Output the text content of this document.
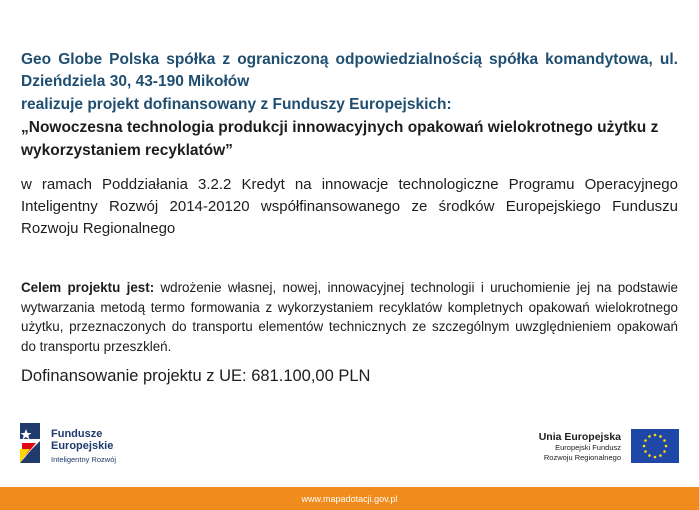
Geo Globe Polska spółka z ograniczoną odpowiedzialnością spółka komandytowa, ul. Dzieńdziela 30, 43-190 Mikołów

realizuje projekt dofinansowany z Funduszy Europejskich:

„Nowoczesna technologia produkcji innowacyjnych opakowań wielokrotnego użytku z wykorzystaniem recyklatów”

w ramach Poddziałania 3.2.2 Kredyt na innowacje technologiczne Programu Operacyjnego Inteligentny Rozwój 2014-20120 współfinansowanego ze środków Europejskiego Funduszu Rozwoju Regionalnego

Celem projektu jest: wdrożenie własnej, nowej, innowacyjnej technologii i uruchomienie jej na podstawie wytwarzania metodą termo formowania z wykorzystaniem recyklatów kompletnych opakowań wielokrotnego użytku, przeznaczonych do transportu elementów technicznych ze szczególnym uwzględnieniem opakowań do transportu przeszkleń.

Dofinansowanie projektu z UE: 681.100,00 PLN

Fundusze
Europejskie
Inteligentny Rozwój
Unia Europejska
Europejski Fundusz
Rozwoju Regionalnego
www.mapadotacji.gov.pl
